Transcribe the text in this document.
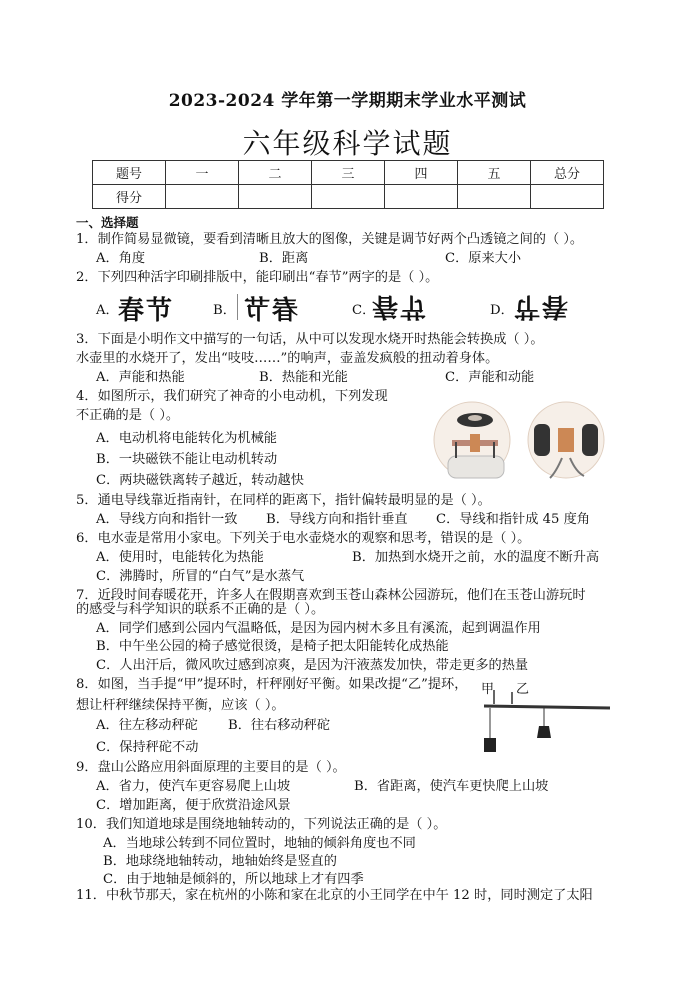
2023-2024 学年第一学期期末学业水平测试
六年级科学试题
题号	一	二	三	四	五	总分
得分						
一、选择题
1．制作简易显微镜，要看到清晰且放大的图像，关键是调节好两个凸透镜之间的（ ）。
A．角度	B．距离	C．原来大小
2．下列四种活字印刷排版中，能印刷出“春节”两字的是（ ）。
A． 春节	B． 春节	C．
春节	D．
春节
3．下面是小明作文中描写的一句话，从中可以发现水烧开时热能会转换成（ ）。
水壶里的水烧开了，发出“吱吱……”的响声，壶盖发疯般的扭动着身体。
A．声能和热能	B．热能和光能	C．声能和动能
4．如图所示，我们研究了神奇的小电动机，下列发现
不正确的是（ ）。
A．电动机将电能转化为机械能
B．一块磁铁不能让电动机转动
C．两块磁铁离转子越近，转动越快
5．通电导线靠近指南针，在同样的距离下，指针偏转最明显的是（ ）。
A．导线方向和指针一致 B．导线方向和指针垂直 C．导线和指针成 45 度角
6．电水壶是常用小家电。下列关于电水壶烧水的观察和思考，错误的是（ ）。
A．使用时，电能转化为热能	B．加热到水烧开之前，水的温度不断升高
C．沸腾时，所冒的“白气”是水蒸气
7．近段时间春暖花开，许多人在假期喜欢到玉苍山森林公园游玩，他们在玉苍山游玩时
的感受与科学知识的联系不正确的是（ ）。
A．同学们感到公园内气温略低，是因为园内树木多且有溪流，起到调温作用
B．中午坐公园的椅子感觉很烫，是椅子把太阳能转化成热能
C．人出汗后，微风吹过感到凉爽，是因为汗液蒸发加快，带走更多的热量
8．如图，当手提“甲”提环时，杆秤刚好平衡。如果改提“乙”提环，
想让杆秤继续保持平衡，应该（ ）。
A．往左移动秤砣 B．往右移动秤砣
C．保持秤砣不动
甲 乙
9．盘山公路应用斜面原理的主要目的是（ ）。
A．省力，使汽车更容易爬上山坡	B．省距离，使汽车更快爬上山坡
C．增加距离，便于欣赏沿途风景
10．我们知道地球是围绕地轴转动的，下列说法正确的是（ ）。
A．当地球公转到不同位置时，地轴的倾斜角度也不同
B．地球绕地轴转动，地轴始终是竖直的
C．由于地轴是倾斜的，所以地球上才有四季
11．中秋节那天，家在杭州的小陈和家在北京的小王同学在中午 12 时，同时测定了太阳
